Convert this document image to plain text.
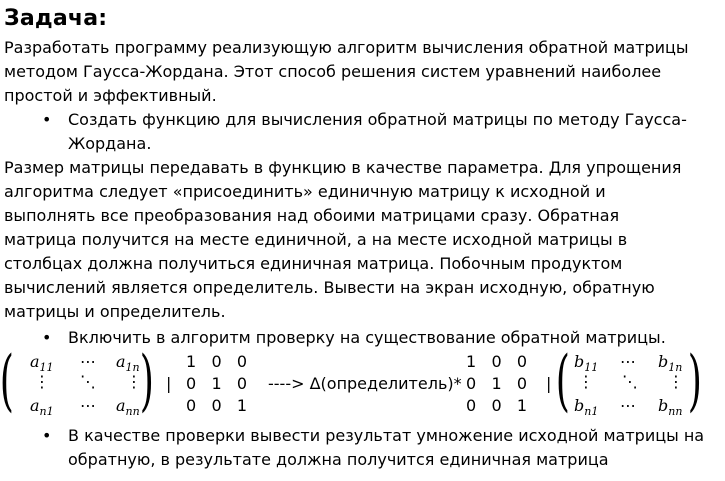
Задача:
Разработать программу реализующую алгоритм вычисления обратной матрицы
методом Гаусса-Жордана. Этот способ решения систем уравнений наиболее
простой и эффективный.
• Создать функцию для вычисления обратной матрицы по методу Гаусса-
Жордана.
Размер матрицы передавать в функцию в качестве параметра. Для упрощения
алгоритма следует «присоединить» единичную матрицу к исходной и
выполнять все преобразования над обоими матрицами сразу. Обратная
матрица получится на месте единичной, а на месте исходной матрицы в
столбцах должна получиться единичная матрица. Побочным продуктом
вычислений является определитель. Вывести на экран исходную, обратную
матрицы и определитель.
• Включить в алгоритм проверку на существование обратной матрицы.
( $a_{11}$ ⋯ $a_{1n}$
⋮ ⋱ ⋮
$a_{n1}$ ⋯ $a_{nn}$ ) |
1   0   0
0   1   0
0   0   1
----> Δ(определитель)*
1   0   0
0   1   0
0   0   1
| ( $b_{11}$ ⋯ $b_{1n}$
⋮ ⋱ ⋮
$b_{n1}$ ⋯ $b_{nn}$ )
• В качестве проверки вывести результат умножение исходной матрицы на
обратную, в результате должна получится единичная матрица
